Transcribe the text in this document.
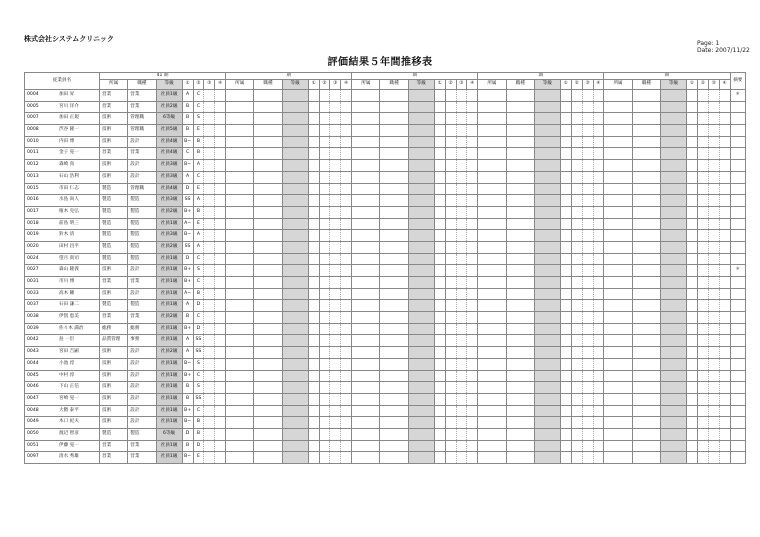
株式会社システムクリニック
Page: 1
Date: 2007/11/22
評価結果５年間推移表
従業員名		41 期							期							期							期							期							摘要
		所属	職種	等級	①	②	③	④	所属	職種	等級	①	②	③	④	所属	職種	等級	①	②	③	④	所属	職種	等級	①	②	③	④	所属	職種	等級	①	②	③	④	
0004	加田 昇	営業	営業	社員1級	A	C																															＊
0005	宮川 洋介	営業	営業	社員2級	B	C																															
0007	加田 正規	技術	管理職	6等級	B	S																															
0008	渋谷 隆一	技術	管理職	社員5級	B	E																															
0010	内田 博	技術	設計	社員4級	B−	B																															
0011	金子 晃一	営業	営業	社員4級	C	B																															
0012	森崎 真	技術	設計	社員3級	B−	A																															
0013	石山 浩利	技術	設計	社員3級	A	C																															
0015	市田 仁志	製造	管理職	社員4級	D	E																															
0016	水島 尚人	製造	製造	社員3級	SS	A																															
0017	植木 克弘	製造	製造	社員2級	B+	B																															
0018	前島 明三	製造	製造	社員1級	A−	E																															
0019	鈴木 清	製造	製造	社員3級	B−	A																															
0020	田村 昌平	製造	製造	社員2級	SS	A																															
0024	望月 貴司	製造	製造	社員1級	D	C																															
0027	森山 隆義	技術	設計	社員1級	B+	S																															＊
0031	市川 博	営業	営業	社員1級	B+	C																															
0033	高木 剛	技術	設計	社員1級	A−	B																															
0037	石田 謙二	製造	製造	社員1級	A	D																															
0038	伊賀 恵美	営業	営業	社員2級	B	C																															
0039	佐々木 満治	総務	総務	社員1級	B+	D																															
0042	島 一臣	品質管理	事務	社員1級	A	SS																															
0043	宮田 吉嗣	技術	設計	社員2級	A	SS																															
0044	小池 淳	技術	設計	社員1級	B−	S																															
0045	中村 淳	技術	設計	社員1級	B+	C																															
0046	下山 正信	技術	設計	社員1級	B	S																															
0047	宮崎 晃一	技術	設計	社員1級	B	SS																															
0048	大隈 泰平	技術	設計	社員1級	B+	C																															
0049	木口 紀夫	技術	設計	社員1級	B−	B																															
0050	渡辺 智彦	製造	製造	6等級	D	B																															
0051	伊藤 晃一	営業	営業	社員1級	B	D																															
0097	清水 秀雄	営業	営業	社員1級	B−	E																															
